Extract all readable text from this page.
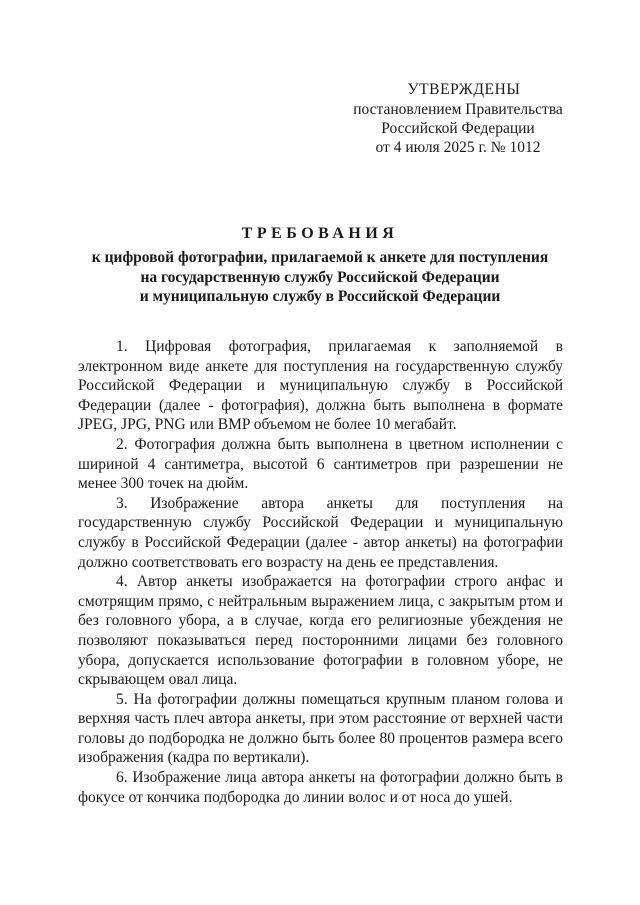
УТВЕРЖДЕНЫ
постановлением Правительства
Российской Федерации
от 4 июля 2025 г. № 1012
ТРЕБОВАНИЯ
к цифровой фотографии, прилагаемой к анкете для поступления
на государственную службу Российской Федерации
и муниципальную службу в Российской Федерации

1. Цифровая фотография, прилагаемая к заполняемой в электронном виде анкете для поступления на государственную службу Российской Федерации и муниципальную службу в Российской Федерации (далее - фотография), должна быть выполнена в формате JPEG, JPG, PNG или BMP объемом не более 10 мегабайт.

2. Фотография должна быть выполнена в цветном исполнении с шириной 4 сантиметра, высотой 6 сантиметров при разрешении не менее 300 точек на дюйм.

3. Изображение автора анкеты для поступления на государственную службу Российской Федерации и муниципальную службу в Российской Федерации (далее - автор анкеты) на фотографии должно соответствовать его возрасту на день ее представления.

4. Автор анкеты изображается на фотографии строго анфас и смотрящим прямо, с нейтральным выражением лица, с закрытым ртом и без головного убора, а в случае, когда его религиозные убеждения не позволяют показываться перед посторонними лицами без головного убора, допускается использование фотографии в головном уборе, не скрывающем овал лица.

5. На фотографии должны помещаться крупным планом голова и верхняя часть плеч автора анкеты, при этом расстояние от верхней части головы до подбородка не должно быть более 80 процентов размера всего изображения (кадра по вертикали).

6. Изображение лица автора анкеты на фотографии должно быть в фокусе от кончика подбородка до линии волос и от носа до ушей.
